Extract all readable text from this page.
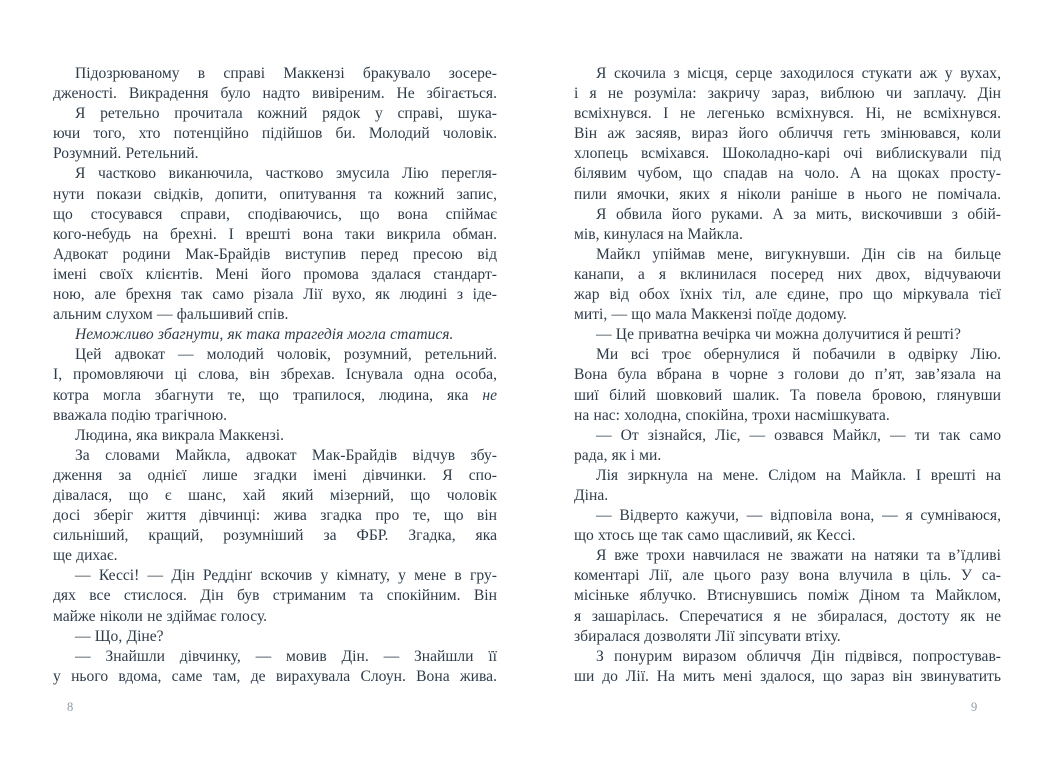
Підозрюваному в справі Маккензі бракувало зосере-
дженості. Викрадення було надто вивіреним. Не збігається.
Я ретельно прочитала кожний рядок у справі, шука-
ючи того, хто потенційно підійшов би. Молодий чоловік.
Розумний. Ретельний.
Я частково виканючила, частково змусила Лію перегля-
нути покази свідків, допити, опитування та кожний запис,
що стосувався справи, сподіваючись, що вона спіймає
кого-небудь на брехні. І врешті вона таки викрила обман.
Адвокат родини Мак-Брайдів виступив перед пресою від
імені своїх клієнтів. Мені його промова здалася стандарт-
ною, але брехня так само різала Лії вухо, як людині з іде-
альним слухом — фальшивий спів.
Неможливо збагнути, як така трагедія могла статися.
Цей адвокат — молодий чоловік, розумний, ретельний.
І, промовляючи ці слова, він збрехав. Існувала одна особа,
котра могла збагнути те, що трапилося, людина, яка не
вважала подію трагічною.
Людина, яка викрала Маккензі.
За словами Майкла, адвокат Мак-Брайдів відчув збу-
дження за однієї лише згадки імені дівчинки. Я спо-
дівалася, що є шанс, хай який мізерний, що чоловік
досі зберіг життя дівчинці: жива згадка про те, що він
сильніший, кращий, розумніший за ФБР. Згадка, яка
ще дихає.
— Кессі! — Дін Реддінґ вскочив у кімнату, у мене в гру-
дях все стислося. Дін був стриманим та спокійним. Він
майже ніколи не здіймає голосу.
— Що, Діне?
— Знайшли дівчинку, — мовив Дін. — Знайшли її
у нього вдома, саме там, де вирахувала Слоун. Вона жива.
8
Я скочила з місця, серце заходилося стукати аж у вухах,
і я не розуміла: закричу зараз, виблюю чи заплачу. Дін
всміхнувся. І не легенько всміхнувся. Ні, не всміхнувся.
Він аж засяяв, вираз його обличчя геть змінювався, коли
хлопець всміхався. Шоколадно-карі очі виблискували під
білявим чубом, що спадав на чоло. А на щоках просту-
пили ямочки, яких я ніколи раніше в нього не помічала.
Я обвила його руками. А за мить, вискочивши з обій-
мів, кинулася на Майкла.
Майкл упіймав мене, вигукнувши. Дін сів на бильце
канапи, а я вклинилася посеред них двох, відчуваючи
жар від обох їхніх тіл, але єдине, про що міркувала тієї
миті, — що мала Маккензі поїде додому.
— Це приватна вечірка чи можна долучитися й решті?
Ми всі троє обернулися й побачили в одвірку Лію.
Вона була вбрана в чорне з голови до п’ят, зав’язала на
шиї білий шовковий шалик. Та повела бровою, глянувши
на нас: холодна, спокійна, трохи насмішкувата.
— От зізнайся, Ліє, — озвався Майкл, — ти так само
рада, як і ми.
Лія зиркнула на мене. Слідом на Майкла. І врешті на
Діна.
— Відверто кажучи, — відповіла вона, — я сумніваюся,
що хтось ще так само щасливий, як Кессі.
Я вже трохи навчилася не зважати на натяки та в’їдливі
коментарі Лії, але цього разу вона влучила в ціль. У са-
місіньке яблучко. Втиснувшись поміж Діном та Майклом,
я зашарілась. Сперечатися я не збиралася, достоту як не
збиралася дозволяти Лії зіпсувати втіху.
З понурим виразом обличчя Дін підвівся, попростував-
ши до Лії. На мить мені здалося, що зараз він звинуватить
9
